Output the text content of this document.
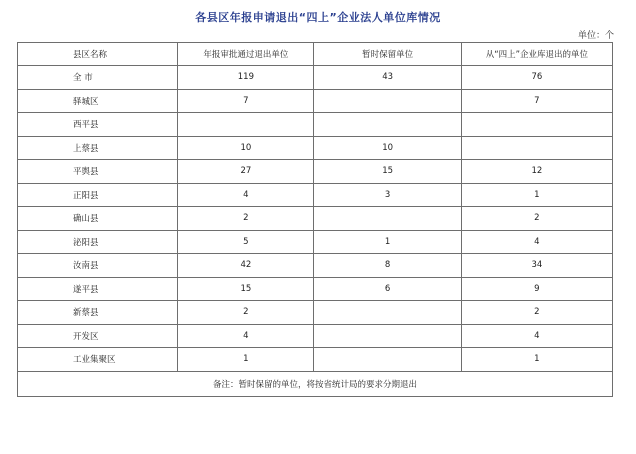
各县区年报申请退出“四上”企业法人单位库情况
单位：个
县区名称	年报审批通过退出单位	暂时保留单位	从“四上”企业库退出的单位
全 市	119	43	76
驿城区	7		7
西平县			
上蔡县	10	10	
平舆县	27	15	12
正阳县	4	3	1
确山县	2		2
泌阳县	5	1	4
汝南县	42	8	34
遂平县	15	6	9
新蔡县	2		2
开发区	4		4
工业集聚区	1		1
备注：暂时保留的单位，将按省统计局的要求分期退出			
